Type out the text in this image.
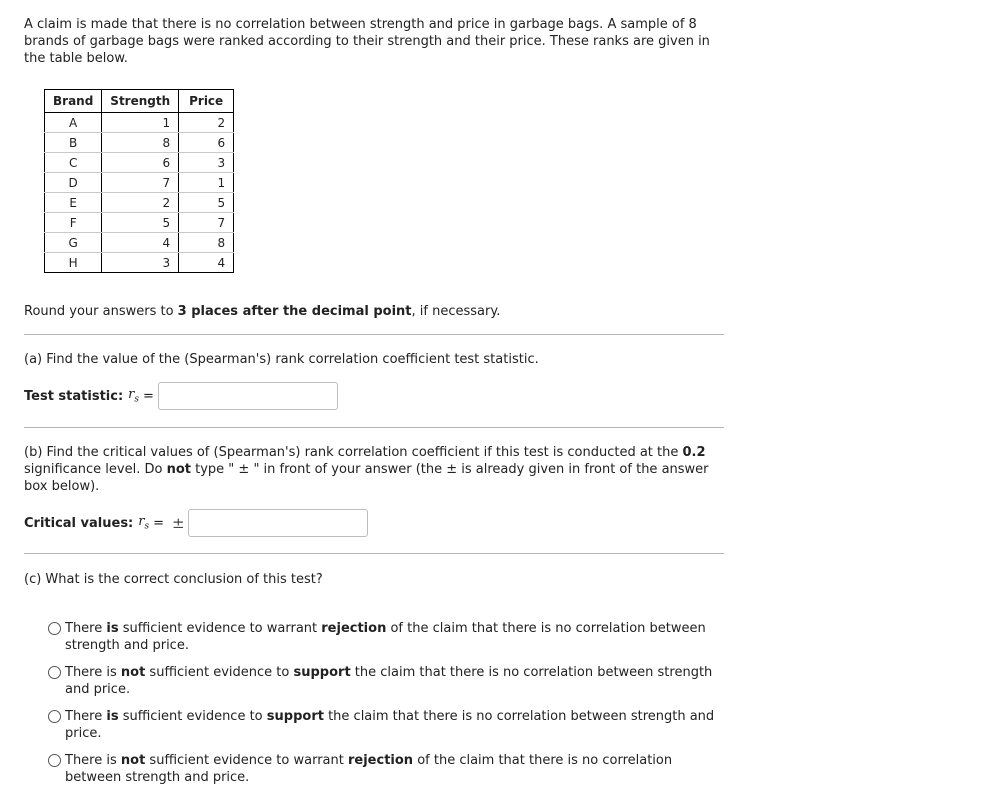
A claim is made that there is no correlation between strength and price in garbage bags. A sample of 8 brands of garbage bags were ranked according to their strength and their price. These ranks are given in the table below.

Brand	Strength	Price
A	1	2
B	8	6
C	6	3
D	7	1
E	2	5
F	5	7
G	4	8
H	3	4

Round your answers to 3 places after the decimal point, if necessary.

(a) Find the value of the (Spearman's) rank correlation coefficient test statistic.

Test statistic: $r_s$ =

(b) Find the critical values of (Spearman's) rank correlation coefficient if this test is conducted at the 0.2 significance level. Do not type " ± " in front of your answer (the ± is already given in front of the answer box below).

Critical values: $r_s$ = ±

(c) What is the correct conclusion of this test?

There is sufficient evidence to warrant rejection of the claim that there is no correlation between strength and price.
There is not sufficient evidence to support the claim that there is no correlation between strength and price.
There is sufficient evidence to support the claim that there is no correlation between strength and price.
There is not sufficient evidence to warrant rejection of the claim that there is no correlation between strength and price.
